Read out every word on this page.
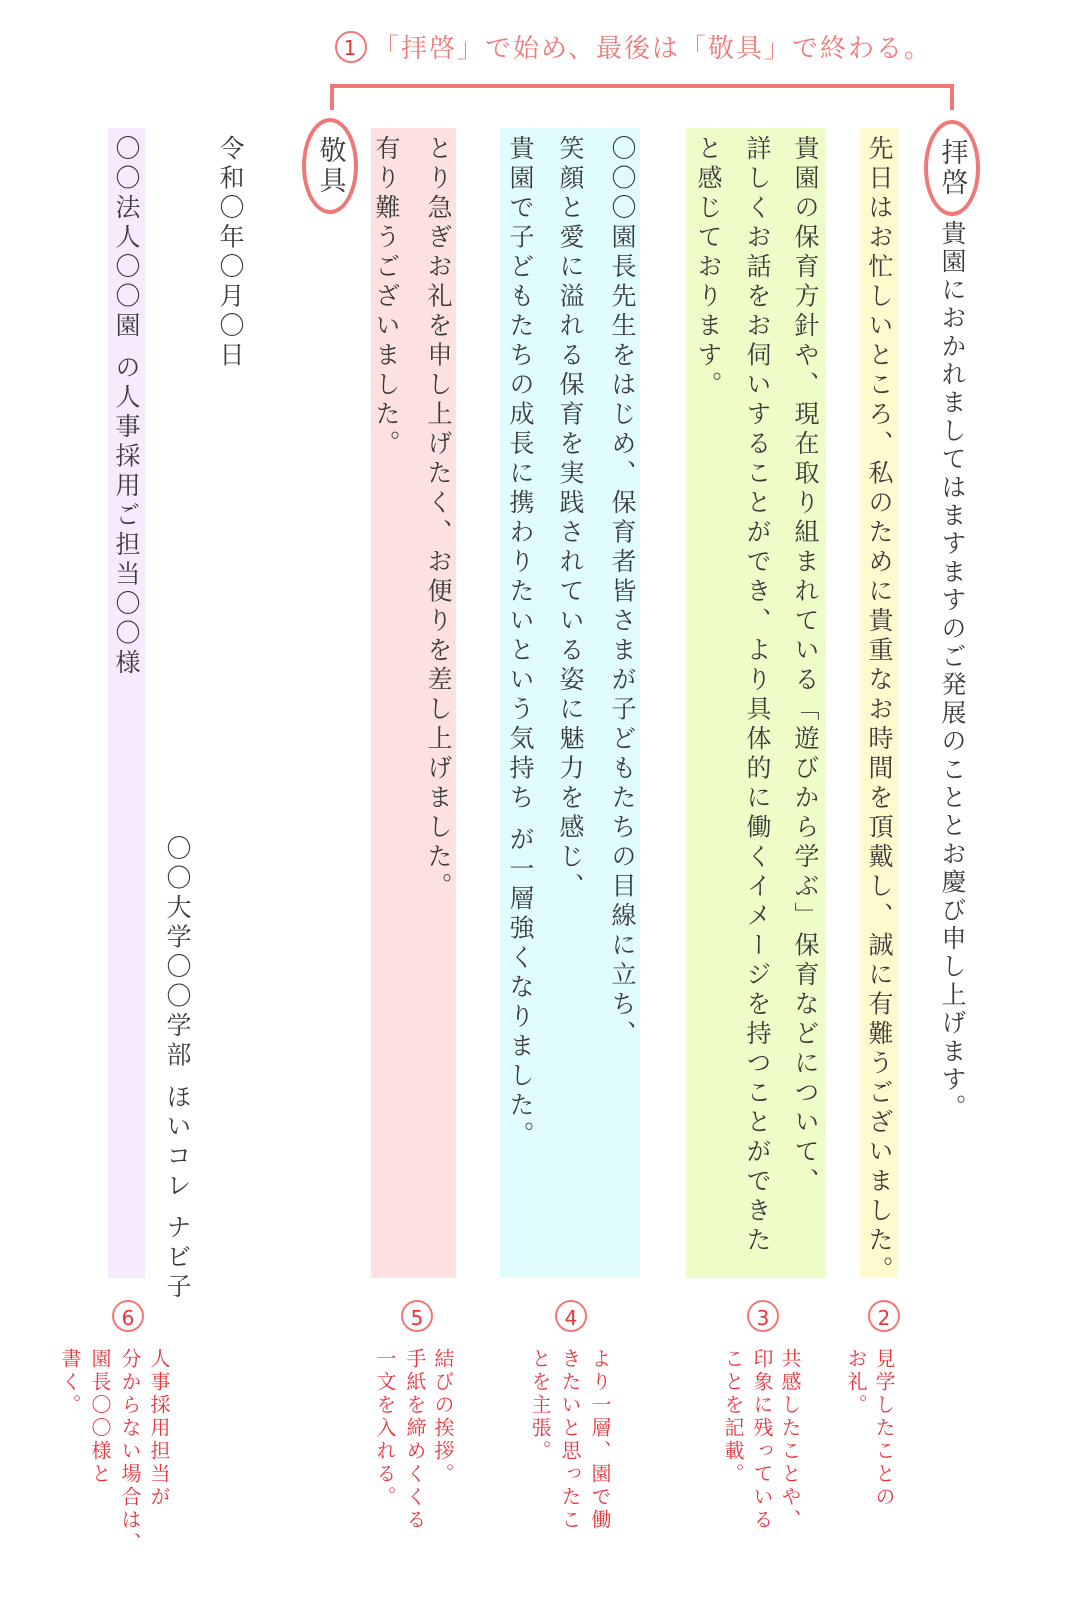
1 「拝啓」で始め、最後は「敬具」で終わる。
拝啓
敬具
貴園におかれましてはますますのご発展のこととお慶び申し上げます。
先日はお忙しいところ、私のために貴重なお時間を頂戴し、誠に有難うございました。
貴園の保育方針や、現在取り組まれている「遊びから学ぶ」保育などについて、
詳しくお話をお伺いすることができ、より具体的に働くイメージを持つことができた
と感じております。
〇〇〇園長先生をはじめ、保育者皆さまが子どもたちの目線に立ち、
笑顔と愛に溢れる保育を実践されている姿に魅力を感じ、
貴園で子どもたちの成長に携わりたいという気持ち が一層強くなりました。
とり急ぎお礼を申し上げたく、お便りを差し上げました。
有り難うございました。
令和〇年〇月〇日
〇〇大学〇〇学部 ほいコレ ナビ子
〇〇法人〇〇園 の人事採用ご担当〇〇様
2
見学したことの
お礼。
3
共感したことや、
印象に残っている
ことを記載。
4
より一層、園で働
きたいと思ったこ
とを主張。
5
結びの挨拶。
手紙を締めくくる
一文を入れる。
6
人事採用担当が
分からない場合は、
園長〇〇様と
書く。
